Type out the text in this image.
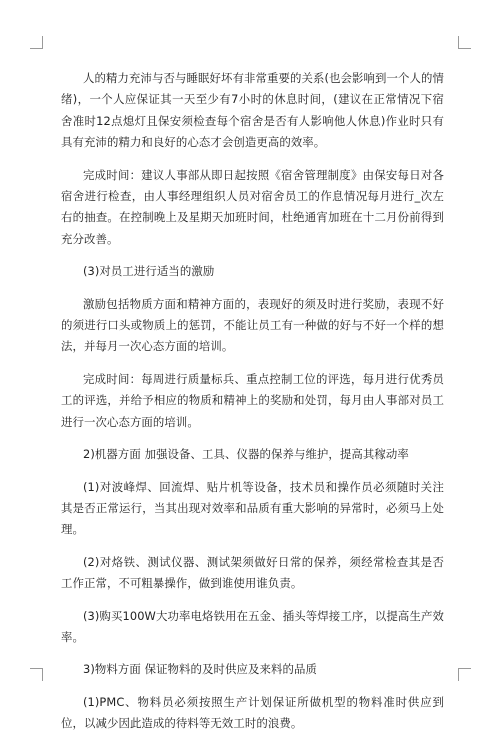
人的精力充沛与否与睡眠好坏有非常重要的关系(也会影响到一个人的情绪)，一个人应保证其一天至少有7小时的休息时间，(建议在正常情况下宿舍准时12点熄灯且保安须检查每个宿舍是否有人影响他人休息)作业时只有具有充沛的精力和良好的心态才会创造更高的效率。

完成时间：建议人事部从即日起按照《宿舍管理制度》由保安每日对各宿舍进行检查，由人事经理组织人员对宿舍员工的作息情况每月进行_次左右的抽查。在控制晚上及星期天加班时间，杜绝通宵加班在十二月份前得到充分改善。

(3)对员工进行适当的激励

激励包括物质方面和精神方面的，表现好的须及时进行奖励，表现不好的须进行口头或物质上的惩罚，不能让员工有一种做的好与不好一个样的想法，并每月一次心态方面的培训。

完成时间：每周进行质量标兵、重点控制工位的评选，每月进行优秀员工的评选，并给予相应的物质和精神上的奖励和处罚，每月由人事部对员工进行一次心态方面的培训。

2)机器方面 加强设备、工具、仪器的保养与维护，提高其稼动率

(1)对波峰焊、回流焊、贴片机等设备，技术员和操作员必须随时关注其是否正常运行，当其出现对效率和品质有重大影响的异常时，必须马上处理。

(2)对烙铁、测试仪器、测试架须做好日常的保养，须经常检查其是否工作正常，不可粗暴操作，做到谁使用谁负责。

(3)购买100W大功率电烙铁用在五金、插头等焊接工序，以提高生产效率。

3)物料方面 保证物料的及时供应及来料的品质

(1)PMC、物料员必须按照生产计划保证所做机型的物料准时供应到位，以减少因此造成的待料等无效工时的浪费。
